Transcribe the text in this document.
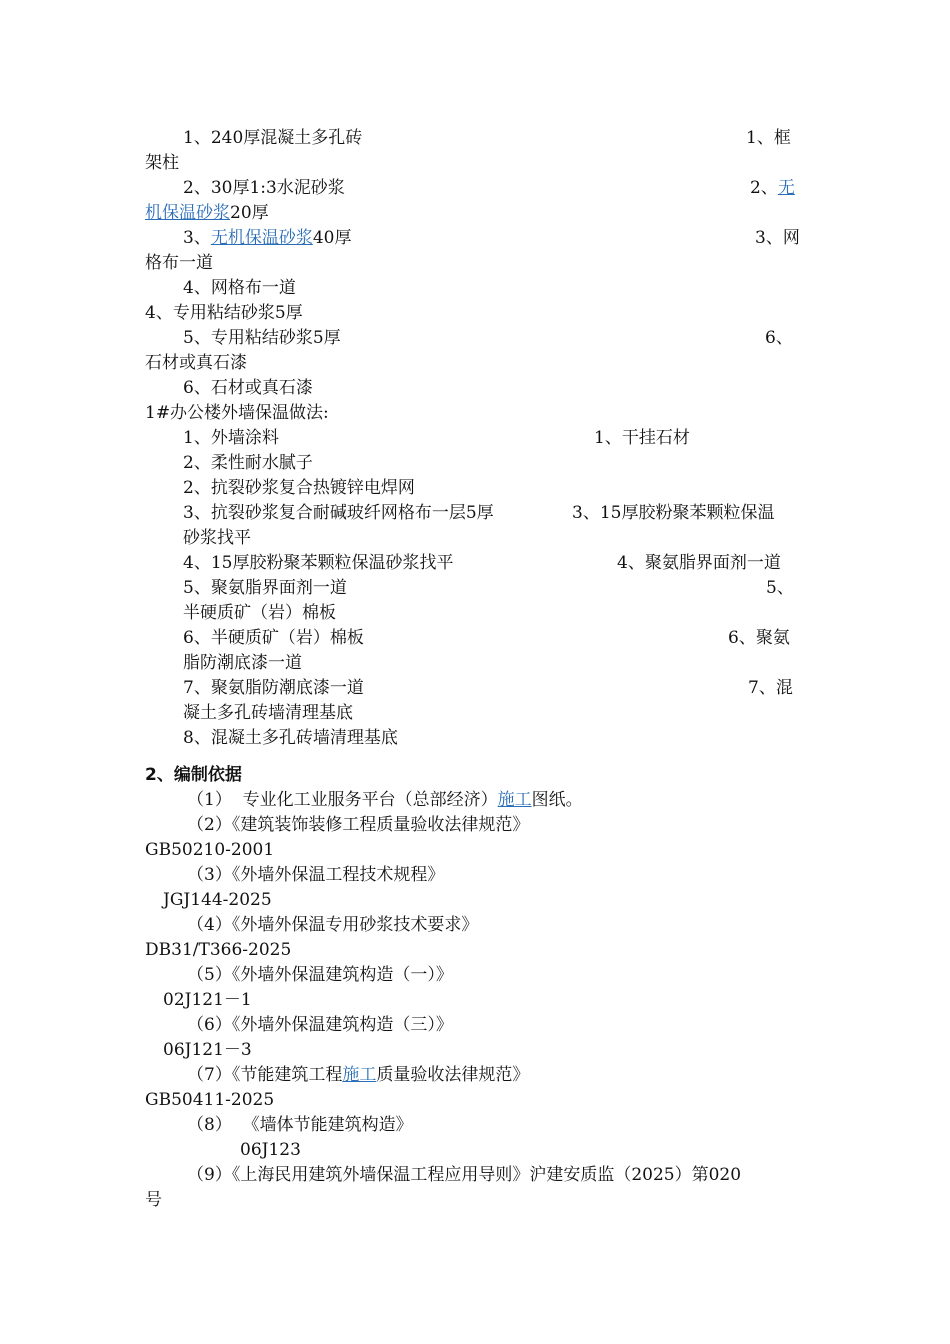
1、240厚混凝土多孔砖	1、框
架柱
2、30厚1:3水泥砂浆	2、无
机保温砂浆20厚
3、无机保温砂浆40厚	3、网
格布一道
4、网格布一道
4、专用粘结砂浆5厚
5、专用粘结砂浆5厚	6、
石材或真石漆
6、石材或真石漆
1#办公楼外墙保温做法:
1、外墙涂料	1、干挂石材
2、柔性耐水腻子
2、抗裂砂浆复合热镀锌电焊网
3、抗裂砂浆复合耐碱玻纤网格布一层5厚	3、15厚胶粉聚苯颗粒保温
砂浆找平
4、15厚胶粉聚苯颗粒保温砂浆找平	4、聚氨脂界面剂一道
5、聚氨脂界面剂一道	5、
半硬质矿（岩）棉板
6、半硬质矿（岩）棉板	6、聚氨
脂防潮底漆一道
7、聚氨脂防潮底漆一道	7、混
凝土多孔砖墙清理基底
8、混凝土多孔砖墙清理基底
2、编制依据
（1）  专业化工业服务平台（总部经济）施工图纸。
（2）《建筑装饰装修工程质量验收法律规范》
GB50210-2001
（3）《外墙外保温工程技术规程》
JGJ144-2025
（4）《外墙外保温专用砂浆技术要求》
DB31/T366-2025
（5）《外墙外保温建筑构造（一）》
02J121－1
（6）《外墙外保温建筑构造（三）》
06J121－3
（7）《节能建筑工程施工质量验收法律规范》
GB50411-2025
（8）  《墙体节能建筑构造》
06J123
（9）《上海民用建筑外墙保温工程应用导则》沪建安质监（2025）第020
号
